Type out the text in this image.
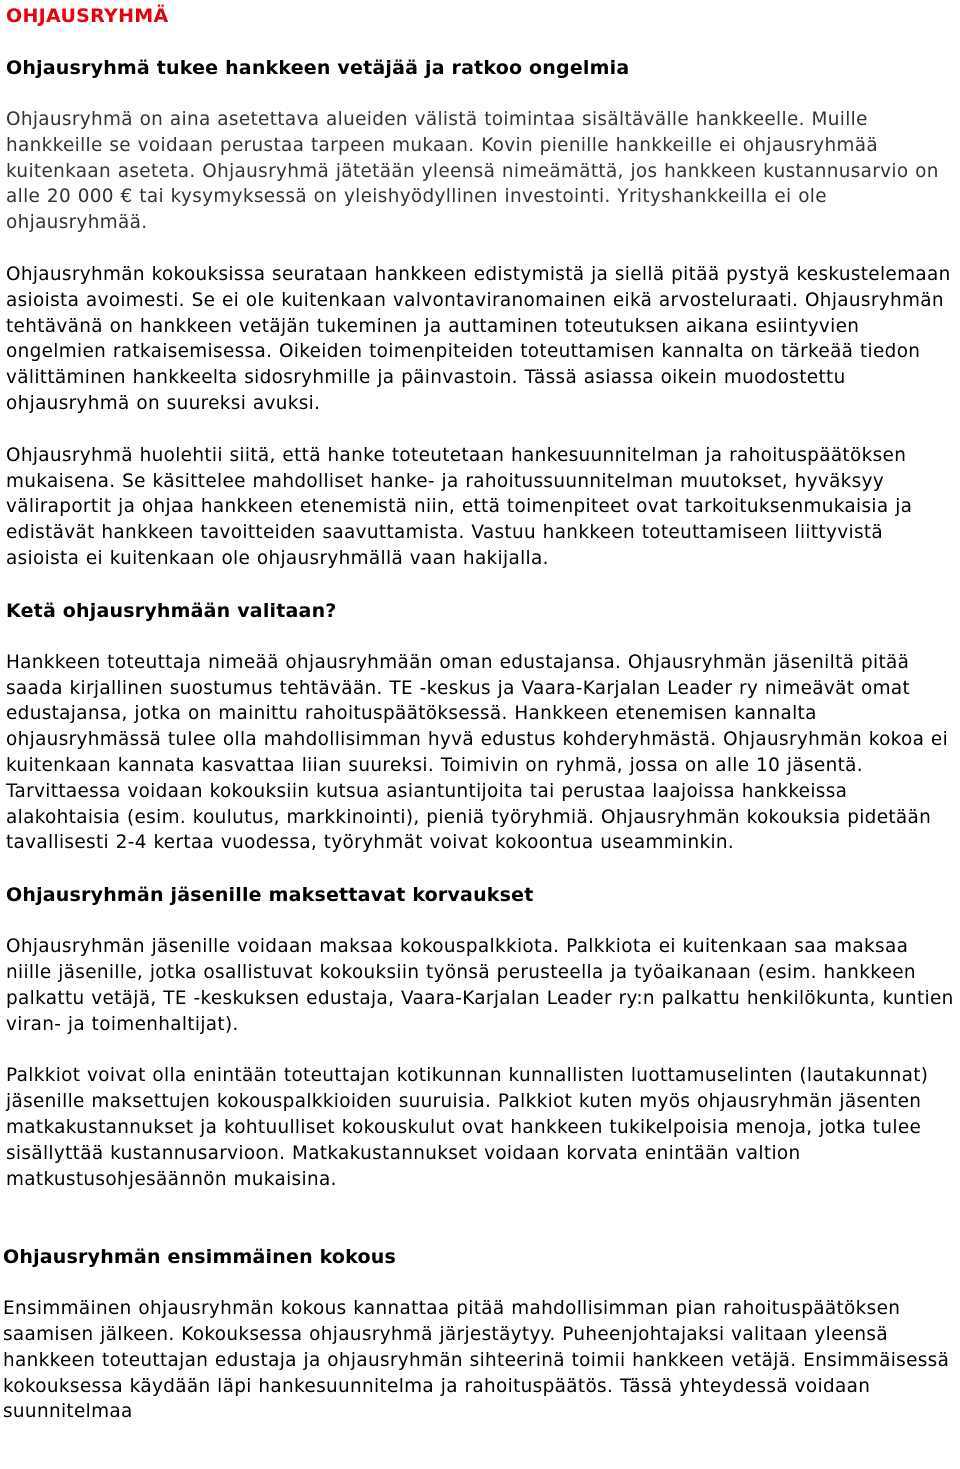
OHJAUSRYHMÄ
Ohjausryhmä tukee hankkeen vetäjää ja ratkoo ongelmia

Ohjausryhmä on aina asetettava alueiden välistä toimintaa sisältävälle hankkeelle. Muille hankkeille se voidaan perustaa tarpeen mukaan. Kovin pienille hankkeille ei ohjausryhmää kuitenkaan aseteta. Ohjausryhmä jätetään yleensä nimeämättä, jos hankkeen kustannusarvio on alle 20 000 € tai kysymyksessä on yleishyödyllinen investointi. Yrityshankkeilla ei ole ohjausryhmää.

Ohjausryhmän kokouksissa seurataan hankkeen edistymistä ja siellä pitää pystyä keskustelemaan asioista avoimesti. Se ei ole kuitenkaan valvontaviranomainen eikä arvosteluraati. Ohjausryhmän tehtävänä on hankkeen vetäjän tukeminen ja auttaminen toteutuksen aikana esiintyvien ongelmien ratkaisemisessa. Oikeiden toimenpiteiden toteuttamisen kannalta on tärkeää tiedon välittäminen hankkeelta sidosryhmille ja päinvastoin. Tässä asiassa oikein muodostettu ohjausryhmä on suureksi avuksi.

Ohjausryhmä huolehtii siitä, että hanke toteutetaan hankesuunnitelman ja rahoituspäätöksen mukaisena. Se käsittelee mahdolliset hanke- ja rahoitussuunnitelman muutokset, hyväksyy väliraportit ja ohjaa hankkeen etenemistä niin, että toimenpiteet ovat tarkoituksenmukaisia ja edistävät hankkeen tavoitteiden saavuttamista. Vastuu hankkeen toteuttamiseen liittyvistä asioista ei kuitenkaan ole ohjausryhmällä vaan hakijalla.

Ketä ohjausryhmään valitaan?

Hankkeen toteuttaja nimeää ohjausryhmään oman edustajansa. Ohjausryhmän jäseniltä pitää saada kirjallinen suostumus tehtävään. TE -keskus ja Vaara-Karjalan Leader ry nimeävät omat edustajansa, jotka on mainittu rahoituspäätöksessä. Hankkeen etenemisen kannalta ohjausryhmässä tulee olla mahdollisimman hyvä edustus kohderyhmästä. Ohjausryhmän kokoa ei kuitenkaan kannata kasvattaa liian suureksi. Toimivin on ryhmä, jossa on alle 10 jäsentä. Tarvittaessa voidaan kokouksiin kutsua asiantuntijoita tai perustaa laajoissa hankkeissa alakohtaisia (esim. koulutus, markkinointi), pieniä työryhmiä. Ohjausryhmän kokouksia pidetään tavallisesti 2-4 kertaa vuodessa, työryhmät voivat kokoontua useamminkin.

Ohjausryhmän jäsenille maksettavat korvaukset

Ohjausryhmän jäsenille voidaan maksaa kokouspalkkiota. Palkkiota ei kuitenkaan saa maksaa niille jäsenille, jotka osallistuvat kokouksiin työnsä perusteella ja työaikanaan (esim. hankkeen palkattu vetäjä, TE -keskuksen edustaja, Vaara-Karjalan Leader ry:n palkattu henkilökunta, kuntien viran- ja toimenhaltijat).

Palkkiot voivat olla enintään toteuttajan kotikunnan kunnallisten luottamuselinten (lautakunnat) jäsenille maksettujen kokouspalkkioiden suuruisia. Palkkiot kuten myös ohjausryhmän jäsenten matkakustannukset ja kohtuulliset kokouskulut ovat hankkeen tukikelpoisia menoja, jotka tulee sisällyttää kustannusarvioon. Matkakustannukset voidaan korvata enintään valtion matkustusohjesäännön mukaisina.

Ohjausryhmän ensimmäinen kokous

Ensimmäinen ohjausryhmän kokous kannattaa pitää mahdollisimman pian rahoituspäätöksen saamisen jälkeen. Kokouksessa ohjausryhmä järjestäytyy. Puheenjohtajaksi valitaan yleensä hankkeen toteuttajan edustaja ja ohjausryhmän sihteerinä toimii hankkeen vetäjä. Ensimmäisessä kokouksessa käydään läpi hankesuunnitelma ja rahoituspäätös. Tässä yhteydessä voidaan suunnitelmaa
